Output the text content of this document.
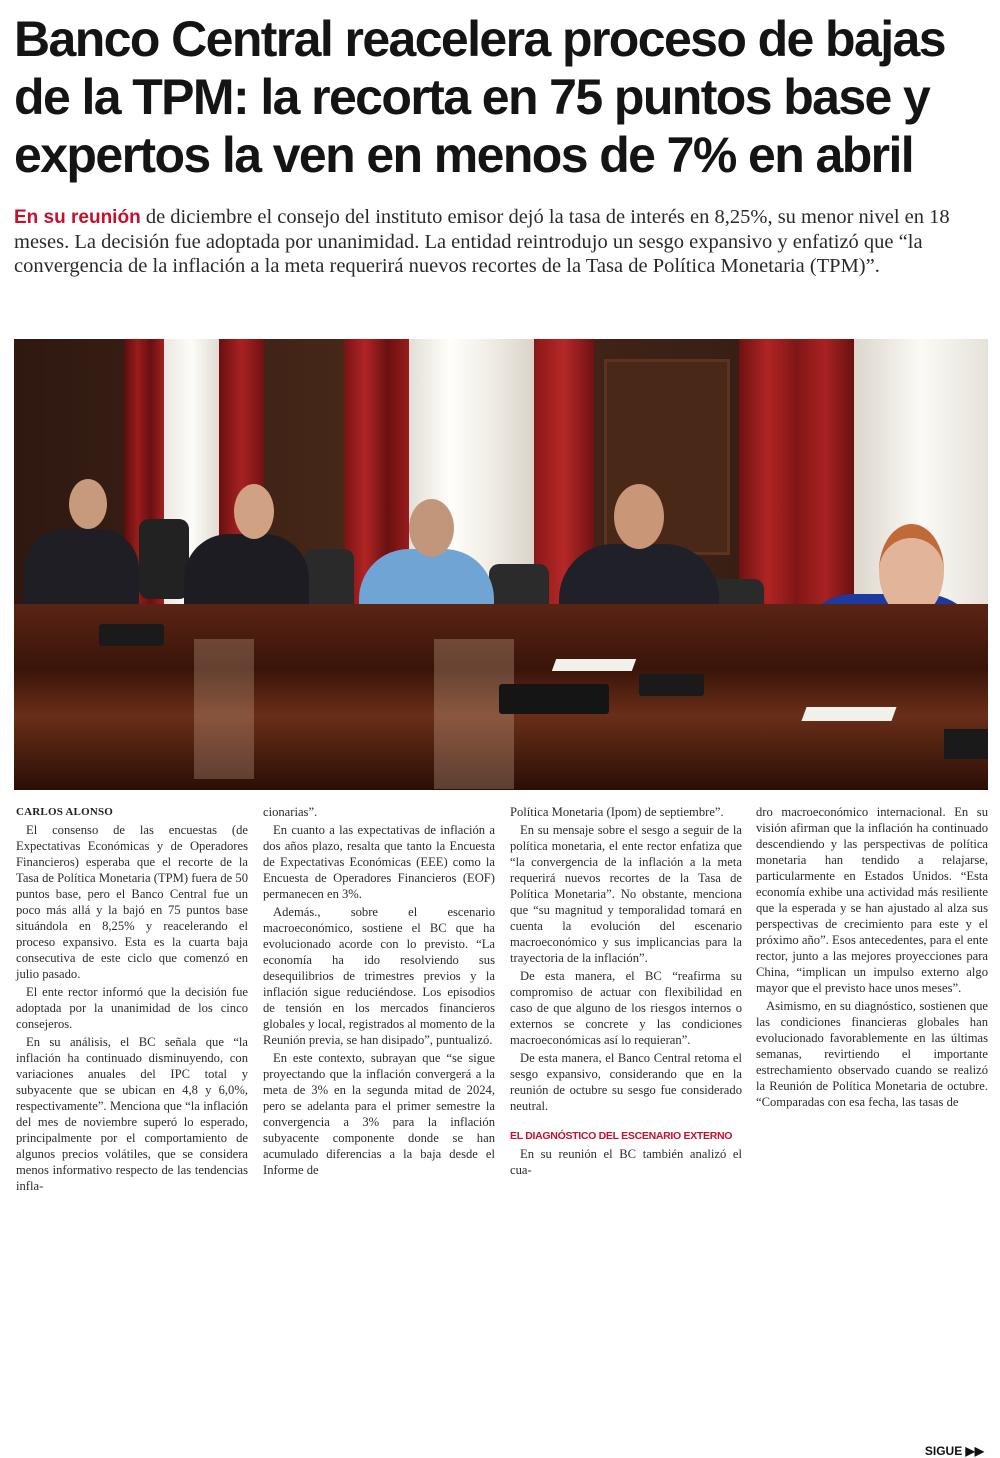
Banco Central reacelera proceso de bajas
de la TPM: la recorta en 75 puntos base y
expertos la ven en menos de 7% en abril

En su reunión de diciembre el consejo del instituto emisor dejó la tasa de interés en 8,25%, su menor nivel en 18 meses. La decisión fue adoptada por unanimidad. La entidad reintrodujo un sesgo expansivo y enfatizó que “la convergencia de la inflación a la meta requerirá nuevos recortes de la Tasa de Política Monetaria (TPM)”.

CARLOS ALONSO

El consenso de las encuestas (de Expectativas Económicas y de Operadores Financieros) esperaba que el recorte de la Tasa de Política Monetaria (TPM) fuera de 50 puntos base, pero el Banco Central fue un poco más allá y la bajó en 75 puntos base situándola en 8,25% y reacelerando el proceso expansivo. Esta es la cuarta baja consecutiva de este ciclo que comenzó en julio pasado.

El ente rector informó que la decisión fue adoptada por la unanimidad de los cinco consejeros.

En su análisis, el BC señala que “la inflación ha continuado disminuyendo, con variaciones anuales del IPC total y subyacente que se ubican en 4,8 y 6,0%, respectivamente”. Menciona que “la inflación del mes de noviembre superó lo esperado, principalmente por el comportamiento de algunos precios volátiles, que se considera menos informativo respecto de las tendencias infla-

cionarias”.

En cuanto a las expectativas de inflación a dos años plazo, resalta que tanto la Encuesta de Expectativas Económicas (EEE) como la Encuesta de Operadores Financieros (EOF) permanecen en 3%.

Además., sobre el escenario macroeconómico, sostiene el BC que ha evolucionado acorde con lo previsto. “La economía ha ido resolviendo sus desequilibrios de trimestres previos y la inflación sigue reduciéndose. Los episodios de tensión en los mercados financieros globales y local, registrados al momento de la Reunión previa, se han disipado”, puntualizó.

En este contexto, subrayan que “se sigue proyectando que la inflación convergerá a la meta de 3% en la segunda mitad de 2024, pero se adelanta para el primer semestre la convergencia a 3% para la inflación subyacente componente donde se han acumulado diferencias a la baja desde el Informe de

Política Monetaria (Ipom) de septiembre”.

En su mensaje sobre el sesgo a seguir de la política monetaria, el ente rector enfatiza que “la convergencia de la inflación a la meta requerirá nuevos recortes de la Tasa de Política Monetaria”. No obstante, menciona que “su magnitud y temporalidad tomará en cuenta la evolución del escenario macroeconómico y sus implicancias para la trayectoria de la inflación”.

De esta manera, el BC “reafirma su compromiso de actuar con flexibilidad en caso de que alguno de los riesgos internos o externos se concrete y las condiciones macroeconómicas así lo requieran”.

De esta manera, el Banco Central retoma el sesgo expansivo, considerando que en la reunión de octubre su sesgo fue considerado neutral.

EL DIAGNÓSTICO DEL ESCENARIO EXTERNO

En su reunión el BC también analizó el cua-

dro macroeconómico internacional. En su visión afirman que la inflación ha continuado descendiendo y las perspectivas de política monetaria han tendido a relajarse, particularmente en Estados Unidos. “Esta economía exhibe una actividad más resiliente que la esperada y se han ajustado al alza sus perspectivas de crecimiento para este y el próximo año”. Esos antecedentes, para el ente rector, junto a las mejores proyecciones para China, “implican un impulso externo algo mayor que el previsto hace unos meses”.

Asimismo, en su diagnóstico, sostienen que las condiciones financieras globales han evolucionado favorablemente en las últimas semanas, revirtiendo el importante estrechamiento observado cuando se realizó la Reunión de Política Monetaria de octubre. “Comparadas con esa fecha, las tasas de

SIGUE ▶▶
